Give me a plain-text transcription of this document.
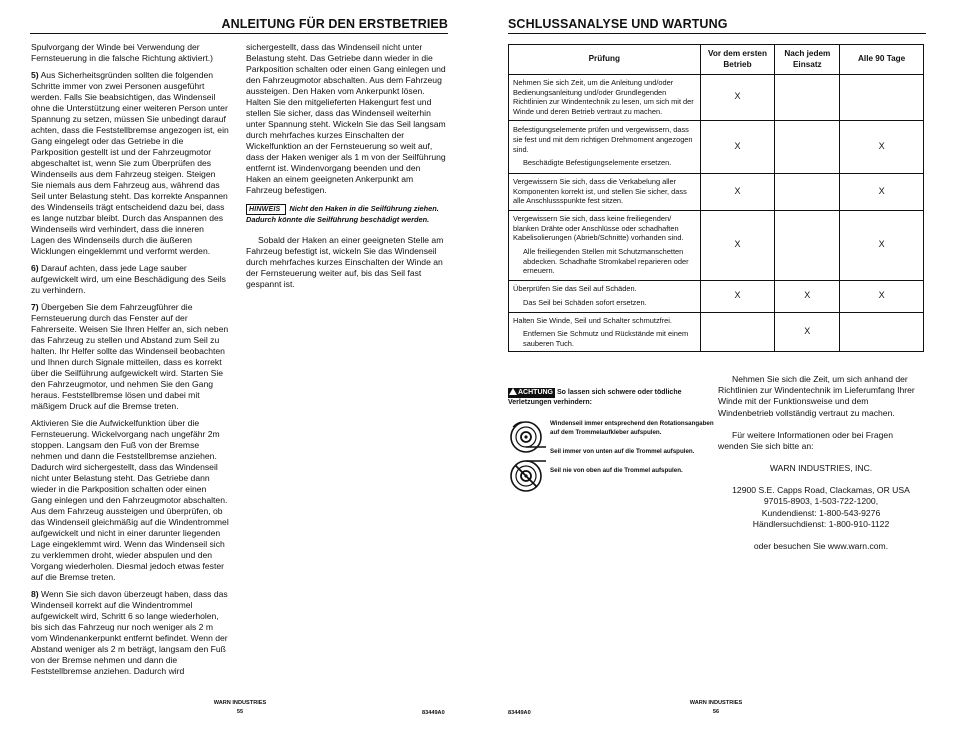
ANLEITUNG FÜR DEN ERSTBETRIEB

Spulvorgang der Winde bei Verwendung der Fernsteuerung in die falsche Richtung aktiviert.)

5) Aus Sicherheitsgründen sollten die folgenden Schritte immer von zwei Personen ausgeführt werden. Falls Sie beabsichtigen, das Windenseil ohne die Unterstützung einer weiteren Person unter Spannung zu setzen, müssen Sie unbedingt darauf achten, dass die Feststellbremse angezogen ist, ein Gang eingelegt oder das Getriebe in die Parkposition gestellt ist und der Fahrzeugmotor abgeschaltet ist, wenn Sie zum Überprüfen des Windenseils aus dem Fahrzeug steigen. Steigen Sie niemals aus dem Fahrzeug aus, während das Seil unter Belastung steht. Das korrekte Anspannen des Windenseils trägt entscheidend dazu bei, dass es lange nutzbar bleibt. Durch das Anspannen des Windenseils wird verhindert, dass die inneren Lagen des Windenseils durch die äußeren Wicklungen eingeklemmt und verformt werden.

6) Darauf achten, dass jede Lage sauber aufgewickelt wird, um eine Beschädigung des Seils zu verhindern.

7) Übergeben Sie dem Fahrzeugführer die Fernsteuerung durch das Fenster auf der Fahrerseite. Weisen Sie Ihren Helfer an, sich neben das Fahrzeug zu stellen und Abstand zum Seil zu halten. Ihr Helfer sollte das Windenseil beobachten und Ihnen durch Signale mitteilen, dass es korrekt über die Seilführung aufgewickelt wird. Starten Sie den Fahrzeugmotor, und nehmen Sie den Gang heraus. Feststellbremse lösen und dabei mit mäßigem Druck auf die Bremse treten.

Aktivieren Sie die Aufwickelfunktion über die Fernsteuerung. Wickelvorgang nach ungefähr 2m stoppen. Langsam den Fuß von der Bremse nehmen und dann die Feststellbremse anziehen. Dadurch wird sichergestellt, dass das Windenseil nicht unter Belastung steht. Das Getriebe dann wieder in die Parkposition schalten oder einen Gang einlegen und den Fahrzeugmotor abschalten. Aus dem Fahrzeug aussteigen und überprüfen, ob das Windenseil gleichmäßig auf die Windentrommel aufgewickelt und nicht in einer darunter liegenden Lage eingeklemmt wird. Wenn das Windenseil sich zu verklemmen droht, wieder abspulen und den Vorgang wiederholen. Diesmal jedoch etwas fester auf die Bremse treten.

8) Wenn Sie sich davon überzeugt haben, dass das Windenseil korrekt auf die Windentrommel aufgewickelt wird, Schritt 6 so lange wiederholen, bis sich das Fahrzeug nur noch weniger als 2 m vom Windenankerpunkt entfernt befindet. Wenn der Abstand weniger als 2 m beträgt, langsam den Fuß von der Bremse nehmen und dann die Feststellbremse anziehen. Dadurch wird

sichergestellt, dass das Windenseil nicht unter Belastung steht. Das Getriebe dann wieder in die Parkposition schalten oder einen Gang einlegen und den Fahrzeugmotor abschalten. Aus dem Fahrzeug aussteigen. Den Haken vom Ankerpunkt lösen. Halten Sie den mitgelieferten Hakengurt fest und stellen Sie sicher, dass das Windenseil weiterhin unter Spannung steht. Wickeln Sie das Seil langsam durch mehrfaches kurzes Einschalten der Wickelfunktion an der Fernsteuerung so weit auf, dass der Haken weniger als 1 m von der Seilführung entfernt ist. Windenvorgang beenden und den Haken an einem geeigneten Ankerpunkt am Fahrzeug befestigen.

HINWEIS Nicht den Haken in die Seilführung ziehen. Dadurch könnte die Seilführung beschädigt werden.

Sobald der Haken an einer geeigneten Stelle am Fahrzeug befestigt ist, wickeln Sie das Windenseil durch mehrfaches kurzes Einschalten der Winde an der Fernsteuerung weiter auf, bis das Seil fast gespannt ist.

WARN INDUSTRIES
55	83449A0
SCHLUSSANALYSE UND WARTUNG
Prüfung	Vor dem ersten Betrieb	Nach jedem Einsatz	Alle 90 Tage

Nehmen Sie sich Zeit, um die Anleitung und/oder Bedienungsanleitung und/oder Grundlegenden Richtlinien zur Windentechnik zu lesen, um sich mit der Winde und deren Betrieb vertraut zu machen.	X		

Befestigungselemente prüfen und vergewissern, dass sie fest und mit dem richtigen Drehmoment angezogen sind.
Beschädigte Befestigungselemente ersetzen.	X		X

Vergewissern Sie sich, dass die Verkabelung aller Komponenten korrekt ist, und stellen Sie sicher, dass alle Anschlussspunkte fest sitzen.	X		X

Vergewissern Sie sich, dass keine freiliegenden/ blanken Drähte oder Anschlüsse oder schadhaften Kabelisolierungen (Abrieb/Schnitte) vorhanden sind.
Alle freiliegenden Stellen mit Schutzmanschetten abdecken. Schadhafte Stromkabel reparieren oder erneuern.	X		X

Überprüfen Sie das Seil auf Schäden.
Das Seil bei Schäden sofort ersetzen.	X	X	X

Halten Sie Winde, Seil und Schalter schmutzfrei.
Entfernen Sie Schmutz und Rückstände mit einem sauberen Tuch.		X	
ACHTUNG So lassen sich schwere oder tödliche Verletzungen verhindern:
Windenseil immer entsprechend den Rotationsangaben auf dem Trommelaufkleber aufspulen.
Seil immer von unten auf die Trommel aufspulen.
Seil nie von oben auf die Trommel aufspulen.

Nehmen Sie sich die Zeit, um sich anhand der Richtlinien zur Windentechnik im Lieferumfang Ihrer Winde mit der Funktionsweise und dem Windenbetrieb vollständig vertraut zu machen.

Für weitere Informationen oder bei Fragen wenden Sie sich bitte an:

WARN INDUSTRIES, INC.

12900 S.E. Capps Road, Clackamas, OR USA 97015-8903, 1-503-722-1200,
Kundendienst: 1-800-543-9276
Händlersuchdienst: 1-800-910-1122
oder besuchen Sie www.warn.com.
83449A0
WARN INDUSTRIES
56
